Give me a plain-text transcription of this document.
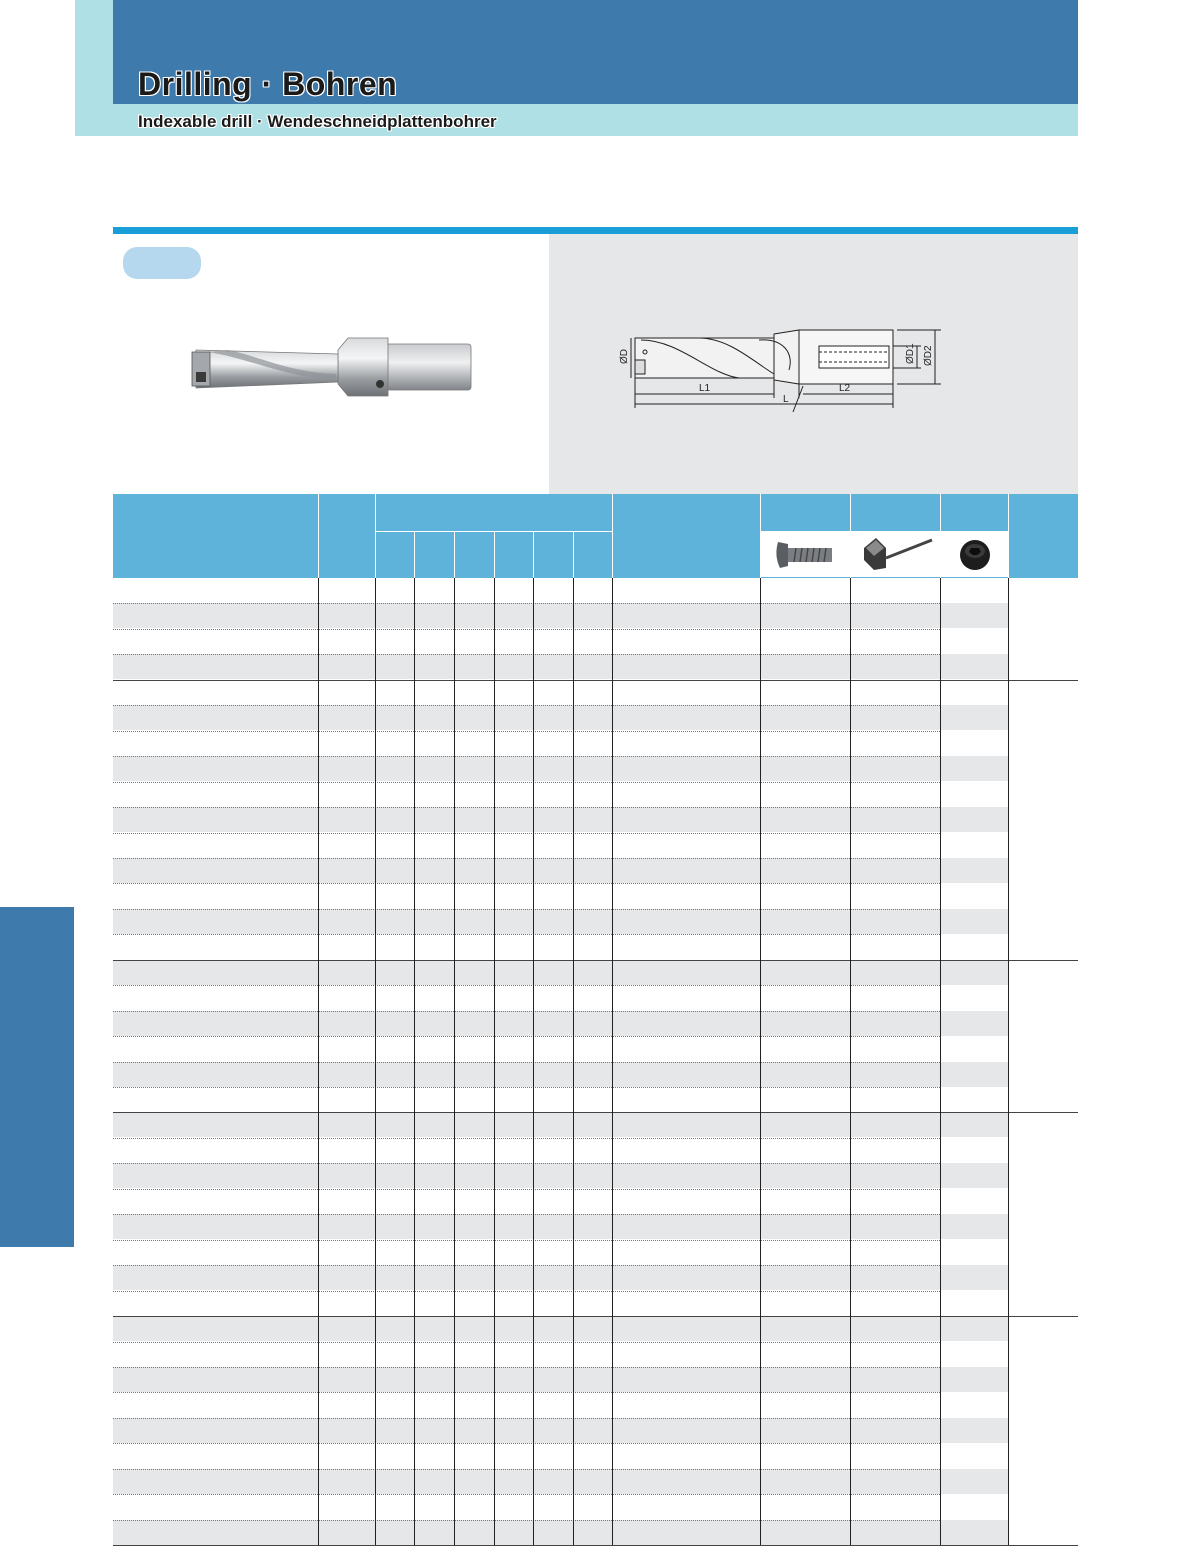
Drilling · Bohren
Indexable drill · Wendeschneidplattenbohrer
ØD
L1
L
L2
ØD1 ØD2
